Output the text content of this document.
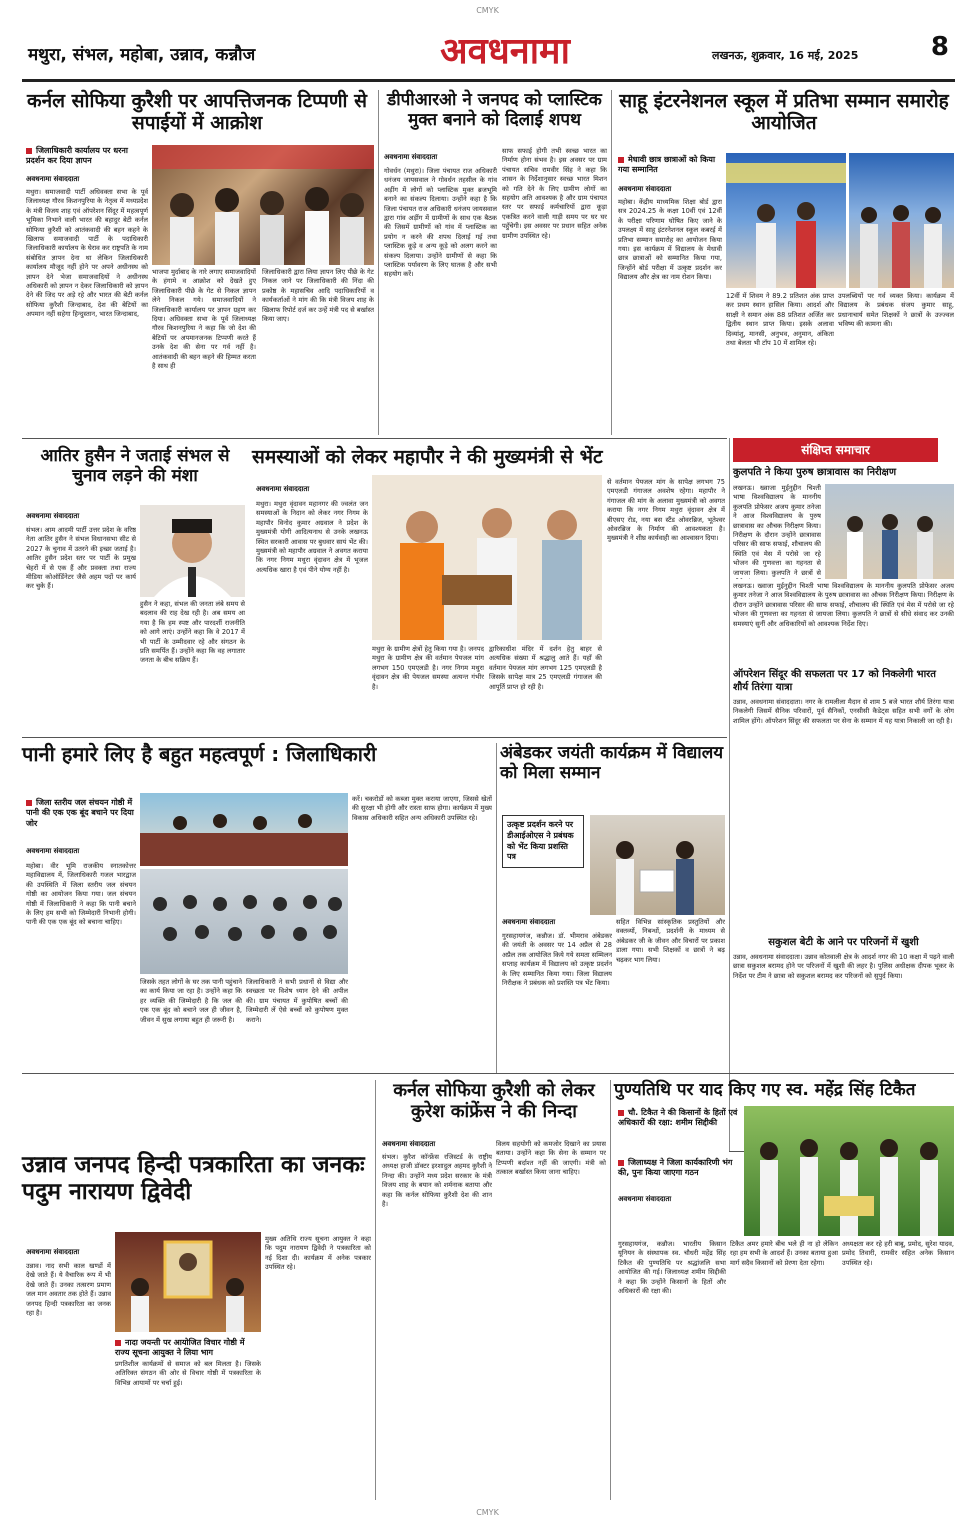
CMYK
मथुरा, संभल, महोबा, उन्नाव, कन्नौज	अवधनामा	लखनऊ, शुक्रवार, 16 मई, 2025	8
कर्नल सोफिया कुरैशी पर आपत्तिजनक टिप्पणी से सपाईयों में आक्रोश
जिलाधिकारी कार्यालय पर धरना प्रदर्शन कर दिया ज्ञापन
अवधनामा संवाददाता
मथुरा। समाजवादी पार्टी अधिवक्ता सभा के पूर्व जिलाध्यक्ष गौरव किशनपुरिया के नेतृत्व में मध्यप्रदेश के मंत्री विजय शाह एवं ऑपरेशन सिंदूर में महत्वपूर्ण भूमिका निभाने वाली भारत की बहादुर बेटी कर्नल सोफिया कुरैशी को आतंकवादी की बहन कहने के खिलाफ समाजवादी पार्टी के पदाधिकारी जिलाधिकारी कार्यालय के घेराव कर राष्ट्रपति के नाम संबोधित ज्ञापन देना था लेकिन जिलाधिकारी कार्यालय मौजूद नहीं होने पर अपने अधीनस्थ को ज्ञापन देने भेजा समाजवादियों ने अधीनस्थ अधिकारी को ज्ञापन न देकर जिलाधिकारी को ज्ञापन देने की जिद पर अड़े रहे और भारत की बेटी कर्नल सोफिया कुरैशी जिन्दाबाद, देश की बेटियों का अपमान नहीं सहेगा हिन्दुस्तान, भारत जिन्दाबाद,
भाजपा मुर्दाबाद के नारे लगाए समाजवादियों के हंगामे व आक्रोश को देखते हुए जिलाधिकारी पीछे के गेट से निकल ज्ञापन लेने निकल गये। समाजवादियों ने जिलाधिकारी कार्यालय पर ज्ञापन ग्रहण कर दिया। अधिवक्ता सभा के पूर्व जिलाध्यक्ष गौरव किशनपुरिया ने कहा कि जो देश की बेटियों पर अपमानजनक टिप्पणी करते हैं उनके देश की सेना पर गर्व नहीं है। आतंकवादी की बहन कहने की हिम्मत करता है साथ ही
जिलाधिकारी द्वारा लिया ज्ञापन लिए पीछे के गेट निकल जाने पर जिलाधिकारी की निंदा की प्रकोष्ठ के महासचिव आदि पदाधिकारियों व कार्यकर्ताओं ने मांग की कि मंत्री विजय शाह के खिलाफ रिपोर्ट दर्ज कर उन्हें मंत्री पद से बर्खास्त किया जाए।
डीपीआरओ ने जनपद को प्लास्टिक मुक्त बनाने को दिलाई शपथ
अवधनामा संवाददाता
गोवर्धन (मथुरा)। जिला पंचायत राज अधिकारी धनंजय जायसवाल ने गोवर्धन तहसील के गांव अड़ींग में लोगों को प्लास्टिक मुक्त ब्रजभूमि बनाने का संकल्प दिलाया। उन्होंने कहा है कि जिला पंचायत राज अधिकारी धनंजय जायसवाल द्वारा गांव अड़ींग में ग्रामीणों के साथ एक बैठक की जिसमें ग्रामीणों को गांव में प्लास्टिक का प्रयोग न करने की शपथ दिलाई गई तथा प्लास्टिक कूड़े व अन्य कूड़े को अलग करने का संकल्प दिलाया। उन्होंने ग्रामीणों से कहा कि प्लास्टिक पर्यावरण के लिए घातक है और सभी सहयोग करें।
साफ सफाई होगी तभी स्वच्छ भारत का निर्माण होना संभव है। इस अवसर पर ग्राम पंचायत सचिव रामवीर सिंह ने कहा कि शासन के निर्देशानुसार स्वच्छ भारत मिशन को गति देने के लिए ग्रामीण लोगों का सहयोग अति आवश्यक है और ग्राम पंचायत स्तर पर सफाई कर्मचारियों द्वारा कूड़ा एकत्रित करने वाली गाड़ी समय पर घर घर पहुँचेगी। इस अवसर पर प्रधान सहित अनेक ग्रामीण उपस्थित रहे।
साहू इंटरनेशनल स्कूल में प्रतिभा सम्मान समारोह आयोजित
मेधावी छात्र छात्राओं को किया गया सम्मानित
अवधनामा संवाददाता
महोबा। केंद्रीय माध्यमिक शिक्षा बोर्ड द्वारा सत्र 2024.25 के कक्षा 10वीं एवं 12वीं के परीक्षा परिणाम घोषित किए जाने के उपलक्ष्य में साहू इंटरनेशनल स्कूल कबरई में प्रतिभा सम्मान समारोह का आयोजन किया गया। इस कार्यक्रम में विद्यालय के मेधावी छात्र छात्राओं को सम्मानित किया गया, जिन्होंने बोर्ड परीक्षा में उत्कृष्ट प्रदर्शन कर विद्यालय और क्षेत्र का नाम रोशन किया।
12वीं में शिवम ने 89.2 प्रतिशत अंक प्राप्त कर प्रथम स्थान हासिल किया। आदर्श और साक्षी ने समान अंक 88 प्रतिशत अर्जित कर द्वितीय स्थान प्राप्त किया। इसके अलावा दिव्यांशु, मानसी, अनुभव, अनुमान, अंकिता तथा बेलता भी टॉप 10 में शामिल रहे।
उपलब्धियों पर गर्व व्यक्त किया। कार्यक्रम में विद्यालय के प्रबंधक संजय कुमार साहू, प्रधानाचार्य समेत शिक्षकों ने छात्रों के उज्ज्वल भविष्य की कामना की।
आतिर हुसैन ने जताई संभल से चुनाव लड़ने की मंशा
अवधनामा संवाददाता
संभल। आम आदमी पार्टी उत्तर प्रदेश के वरिष्ठ नेता आतिर हुसैन ने संभल विधानसभा सीट से 2027 के चुनाव में उतरने की इच्छा जताई है। आतिर हुसैन प्रदेश स्तर पर पार्टी के प्रमुख चेहरों में से एक हैं और प्रवक्ता तथा राज्य मीडिया कोऑर्डिनेटर जैसे अहम पदों पर कार्य कर चुके हैं।
हुसैन ने कहा, संभल की जनता लंबे समय से बदलाव की राह देख रही है। अब समय आ गया है कि हम स्पष्ट और पारदर्शी राजनीति को आगे लाएं। उन्होंने कहा कि वे 2017 में भी पार्टी के उम्मीदवार रहे और संगठन के प्रति समर्पित हैं। उन्होंने कहा कि वह लगातार जनता के बीच सक्रिय हैं।
समस्याओं को लेकर महापौर ने की मुख्यमंत्री से भेंट
अवधनामा संवाददाता
मथुरा। मथुरा वृंदावन महानगर की ज्वलंत जन समस्याओं के निदान को लेकर नगर निगम के महापौर विनोद कुमार अग्रवाल ने प्रदेश के मुख्यमंत्री योगी आदित्यनाथ से उनके लखनऊ स्थित सरकारी आवास पर बुधवार सायं भेंट की। मुख्यमंत्री को महापौर अग्रवाल ने अवगत कराया कि नगर निगम मथुरा वृंदावन क्षेत्र में भूजल अत्यधिक खारा है एवं पीने योग्य नहीं है।
मथुरा के ग्रामीण क्षेत्रों हेतु किया गया है। जनपद मथुरा के ग्रामीण क्षेत्र की वर्तमान पेयजल मांग लगभग 150 एमएलडी है। नगर निगम मथुरा वृंदावन क्षेत्र की पेयजल समस्या अत्यन्त गंभीर है।
द्वारिकाधीश मंदिर में दर्शन हेतु बाहर से अत्यधिक संख्या में श्रद्धालु आते हैं। यहाँ की वर्तमान पेयजल मांग लगभग 125 एमएलडी है जिसके सापेक्ष मात्र 25 एमएलडी गंगाजल की आपूर्ति प्राप्त हो रही है।
से वर्तमान पेयजल मांग के सापेक्ष लगभग 75 एमएलडी गंगाजल अवशेष रहेगा। महापौर ने गंगाजल की मांग के अलावा मुख्यमंत्री को अवगत कराया कि नगर निगम मथुरा वृंदावन क्षेत्र में बीएसए रोड, नया बस स्टैंड ओवरब्रिज, भूतेश्वर ओवरब्रिज के निर्माण की आवश्यकता है। मुख्यमंत्री ने शीघ्र कार्यवाही का आश्वासन दिया।
संक्षिप्त समाचार
कुलपति ने किया पुरुष छात्रावास का निरीक्षण
लखनऊ। ख्वाजा मुईनुद्दीन चिश्ती भाषा विश्वविद्यालय के माननीय कुलपति प्रोफेसर अजय कुमार तनेजा ने आज विश्वविद्यालय के पुरुष छात्रावास का औचक निरीक्षण किया। निरीक्षण के दौरान उन्होंने छात्रावास परिसर की साफ सफाई, शौचालय की स्थिति एवं मेस में परोसे जा रहे भोजन की गुणवत्ता का गहनता से जायजा लिया। कुलपति ने छात्रों से
लखनऊ। ख्वाजा मुईनुद्दीन चिश्ती भाषा विश्वविद्यालय के माननीय कुलपति प्रोफेसर अजय कुमार तनेजा ने आज विश्वविद्यालय के पुरुष छात्रावास का औचक निरीक्षण किया। निरीक्षण के दौरान उन्होंने छात्रावास परिसर की साफ सफाई, शौचालय की स्थिति एवं मेस में परोसे जा रहे भोजन की गुणवत्ता का गहनता से जायजा लिया। कुलपति ने छात्रों से सीधे संवाद कर उनकी समस्याएं सुनीं और अधिकारियों को आवश्यक निर्देश दिए।
ऑपरेशन सिंदूर की सफलता पर 17 को निकलेगी भारत शौर्य तिरंगा यात्रा
उन्नाव, अवधनामा संवाददाता। नगर के रामलीला मैदान से शाम 5 बजे भारत शौर्य तिरंगा यात्रा निकलेगी जिसमें सैनिक परिवारों, पूर्व सैनिकों, एनसीसी कैडेट्स सहित सभी वर्गों के लोग शामिल होंगे। ऑपरेशन सिंदूर की सफलता पर सेना के सम्मान में यह यात्रा निकाली जा रही है।
सकुशल बेटी के आने पर परिजनों में खुशी
उन्नाव, अवधनामा संवाददाता। उन्नाव कोतवाली क्षेत्र के आदर्श नगर की 10 कक्षा में पढ़ने वाली छात्रा सकुशल बरामद होने पर परिजनों में खुशी की लहर है। पुलिस अधीक्षक दीपक भूकर के निर्देश पर टीम ने छात्रा को सकुशल बरामद कर परिजनों को सुपुर्द किया।
पानी हमारे लिए है बहुत महत्वपूर्ण : जिलाधिकारी
जिला स्तरीय जल संचयन गोष्ठी में पानी की एक एक बूंद बचाने पर दिया जोर
अवधनामा संवाददाता
महोबा। वीर भूमि राजकीय स्नातकोत्तर महाविद्यालय में, जिलाधिकारी गजल भारद्वाज की उपस्थिति में जिला स्तरीय जल संचयन गोष्ठी का आयोजन किया गया। जल संचयन गोष्ठी में जिलाधिकारी ने कहा कि पानी बचाने के लिए हम सभी को जिम्मेदारी निभानी होगी। पानी की एक एक बूंद को बचाना चाहिए।
जिसके तहत लोगों के घर तक पानी पहुंचाने का कार्य किया जा रहा है। उन्होंने कहा कि हर व्यक्ति की जिम्मेदारी है कि जल की एक एक बूंद को बचाने जल ही जीवन है, जीवन में सुख लगाया बहुत ही जरूरी है।
जिलाधिकारी ने सभी प्रधानों से विद्या और स्वच्छता पर विशेष ध्यान देने की अपील की। ग्राम पंचायत में कुपोषित बच्चों की जिम्मेदारी लें ऐसे बच्चों को कुपोषण मुक्त कराने।
करें। चकरोडों को कब्जा मुक्त कराया जाएगा, जिससे खेतों की सुरक्षा भी होगी और रास्ता साफ होगा। कार्यक्रम में मुख्य विकास अधिकारी सहित अन्य अधिकारी उपस्थित रहे।
अंबेडकर जयंती कार्यक्रम में विद्यालय को मिला सम्मान
उत्कृष्ट प्रदर्शन करने पर डीआईओएस ने प्रबंधक को भेंट किया प्रशस्ति पत्र
अवधनामा संवाददाता
गुरसहायगंज, कन्नौज। डॉ. भीमराव अंबेडकर की जयंती के अवसर पर 14 अप्रैल से 28 अप्रैल तक आयोजित किये गये समता सम्मिलन सप्ताह कार्यक्रम में विद्यालय को उत्कृष्ट प्रदर्शन के लिए सम्मानित किया गया। जिला विद्यालय निरीक्षक ने प्रबंधक को प्रशस्ति पत्र भेंट किया।
सहित विभिन्न सांस्कृतिक प्रस्तुतियों और वक्तव्यों, निबन्धों, प्रदर्शनी के माध्यम से अंबेडकर जी के जीवन और विचारों पर प्रकाश डाला गया। सभी शिक्षकों व छात्रों ने बढ़ चढ़कर भाग लिया।
उन्नाव जनपद हिन्दी पत्रकारिता का जनकः पदुम नारायण द्विवेदी
अवधनामा संवाददाता
नादा जयन्ती पर आयोजित विचार गोष्ठी में राज्य सूचना आयुक्त ने लिया भाग
उन्नाव। नाद सभी काल खण्डों में देखे जाते हैं। ये वैचारिक रूप में भी देखे जाते हैं। उनका तत्सरण प्रमाण जल मान अवतार तक होते हैं। उन्नाव जनपद हिन्दी पत्रकारिता का जनक रहा है।
प्रगतिशील कार्यक्रमों से समाज को बल मिलता है। जिसके अतिरिक्त संगठन की ओर से विचार गोष्ठी में पत्रकारिता के विभिन्न आयामों पर चर्चा हुई।
मुख्य अतिथि राज्य सूचना आयुक्त ने कहा कि पदुम नारायण द्विवेदी ने पत्रकारिता को नई दिशा दी। कार्यक्रम में अनेक पत्रकार उपस्थित रहे।
कर्नल सोफिया कुरैशी को लेकर कुरेश कांफ्रेंस ने की निन्दा
अवधनामा संवाददाता
संभल। कुरैश कॉन्फ्रेंस रजिस्टर्ड के राष्ट्रीय अध्यक्ष हाजी डॉक्टर इरशादुल अहमद कुरैशी ने निन्दा की। उन्होंने मध्य प्रदेश सरकार के मंत्री विजय शाह के बयान को शर्मनाक बताया और कहा कि कर्नल सोफिया कुरैशी देश की शान है।
विलय सहयोगी को कमजोर दिखाने का प्रयास बताया। उन्होंने कहा कि सेना के सम्मान पर टिप्पणी बर्दाश्त नहीं की जाएगी। मंत्री को तत्काल बर्खास्त किया जाना चाहिए।
पुण्यतिथि पर याद किए गए स्व. महेंद्र सिंह टिकैत
चौ. टिकैत ने की किसानों के हितों एवं अधिकारों की रक्षा: शमीम सिद्दीकी
जिलाध्यक्ष ने जिला कार्यकारिणी भंग की, पुनः किया जाएगा गठन
अवधनामा संवाददाता
गुरसहायगंज, कन्नौज। भारतीय किसान यूनियन के संस्थापक स्व. चौधरी महेंद्र सिंह टिकैत की पुण्यतिथि पर श्रद्धांजलि सभा आयोजित की गई। जिलाध्यक्ष शमीम सिद्दीकी ने कहा कि उन्होंने किसानों के हितों और अधिकारों की रक्षा की।
टिकैत अमर हमारे बीच भले ही ना हो लेकिन रहा हम सभी के आदर्श हैं। उनका बताया हुआ मार्ग सदैव किसानों को प्रेरणा देता रहेगा।
अध्यक्षता कर रहे हरी बाबू, प्रमोद, सुरेश यादव, प्रमोद तिवारी, रामवीर सहित अनेक किसान उपस्थित रहे।
CMYK
